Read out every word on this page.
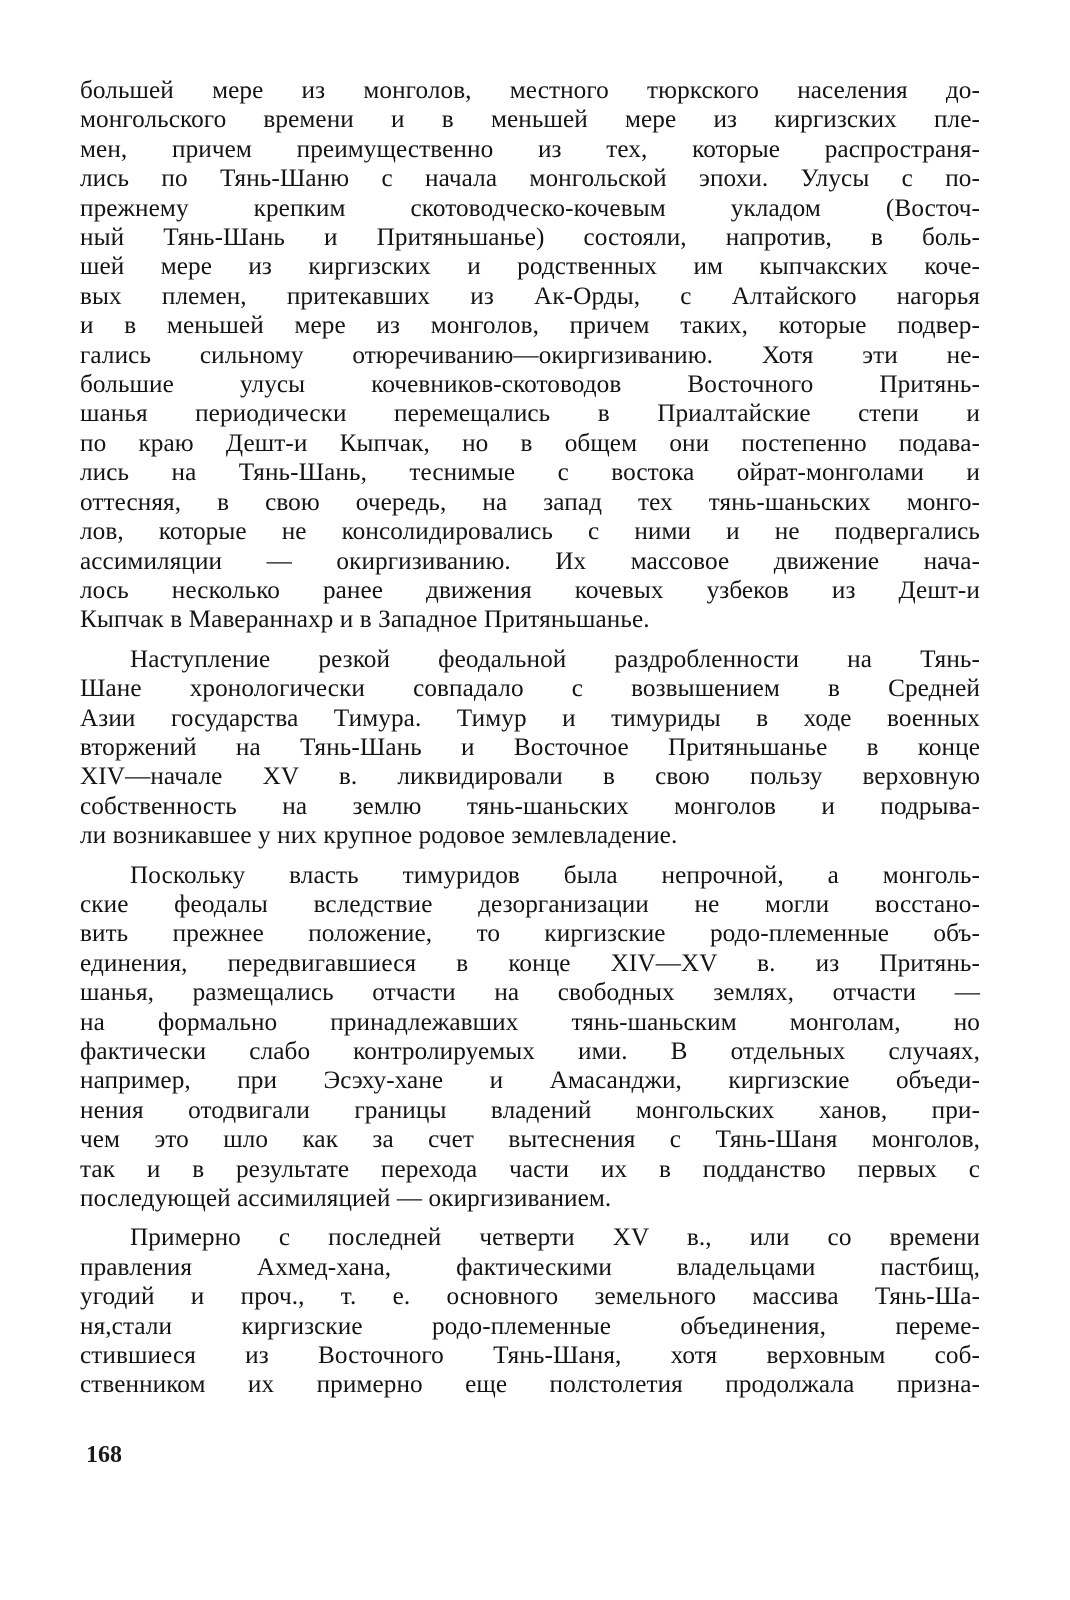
большей мере из монголов, местного тюркского населения до-
монгольского времени и в меньшей мере из киргизских пле-
мен, причем преимущественно из тех, которые распространя-
лись по Тянь-Шаню с начала монгольской эпохи. Улусы с по-
прежнему крепким скотоводческо-кочевым укладом (Восточ-
ный Тянь-Шань и Притяньшанье) состояли, напротив, в боль-
шей мере из киргизских и родственных им кыпчакских коче-
вых племен, притекавших из Ак-Орды, с Алтайского нагорья
и в меньшей мере из монголов, причем таких, которые подвер-
гались сильному отюречиванию—окиргизиванию. Хотя эти не-
большие улусы кочевников-скотоводов Восточного Притянь-
шанья периодически перемещались в Приалтайские степи и
по краю Дешт-и Кыпчак, но в общем они постепенно подава-
лись на Тянь-Шань, теснимые с востока ойрат-монголами и
оттесняя, в свою очередь, на запад тех тянь-шаньских монго-
лов, которые не консолидировались с ними и не подвергались
ассимиляции — окиргизиванию. Их массовое движение нача-
лось несколько ранее движения кочевых узбеков из Дешт-и
Кыпчак в Мавераннахр и в Западное Притяньшанье.
Наступление резкой феодальной раздробленности на Тянь-
Шане хронологически совпадало с возвышением в Средней
Азии государства Тимура. Тимур и тимуриды в ходе военных
вторжений на Тянь-Шань и Восточное Притяньшанье в конце
XIV—начале XV в. ликвидировали в свою пользу верховную
собственность на землю тянь-шаньских монголов и подрыва-
ли возникавшее у них крупное родовое землевладение.
Поскольку власть тимуридов была непрочной, а монголь-
ские феодалы вследствие дезорганизации не могли восстано-
вить прежнее положение, то киргизские родо-племенные объ-
единения, передвигавшиеся в конце XIV—XV в. из Притянь-
шанья, размещались отчасти на свободных землях, отчасти —
на формально принадлежавших тянь-шаньским монголам, но
фактически слабо контролируемых ими. В отдельных случаях,
например, при Эсэху-хане и Амасанджи, киргизские объеди-
нения отодвигали границы владений монгольских ханов, при-
чем это шло как за счет вытеснения с Тянь-Шаня монголов,
так и в результате перехода части их в подданство первых с
последующей ассимиляцией — окиргизиванием.
Примерно с последней четверти XV в., или со времени
правления Ахмед-хана, фактическими владельцами пастбищ,
угодий и проч., т. е. основного земельного массива Тянь-Ша-
ня,стали киргизские родо-племенные объединения, переме-
стившиеся из Восточного Тянь-Шаня, хотя верховным соб-
ственником их примерно еще полстолетия продолжала призна-
168
